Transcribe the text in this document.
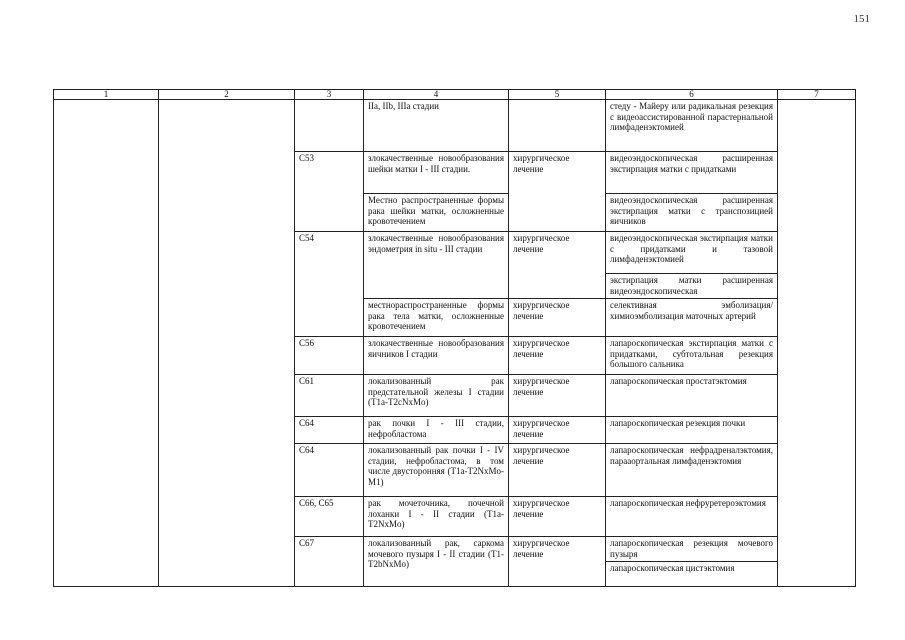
151
1	2	3	4	5	6	7
			IIa, IIb, IIIa стадии		стеду - Майеру или радикальная резекция с видеоассистированной парастернальной лимфаденэктомией	
		C53	злокачественные новообразования шейки матки I - III стадии.	хирургическое лечение	видеоэндоскопическая расширенная экстирпация матки с придатками	
			Местно распространенные формы рака шейки матки, осложненные кровотечением		видеоэндоскопическая расширенная экстирпация матки с транспозицией яичников	
		C54	злокачественные новообразования эндометрия in situ - III стадии	хирургическое лечение	видеоэндоскопическая экстирпация матки с придатками и тазовой лимфаденэктомией	
					экстирпация матки расширенная видеоэндоскопическая	
			местнораспространенные формы рака тела матки, осложненные кровотечением	хирургическое лечение	селективная эмболизация/химиоэмболизация маточных артерий	
		C56	злокачественные новообразования яичников I стадии	хирургическое лечение	лапароскопическая экстирпация матки с придатками, субтотальная резекция большого сальника	
		C61	локализованный рак предстательной железы I стадии (T1a-T2cNxMo)	хирургическое лечение	лапароскопическая простатэктомия	
		C64	рак почки I - III стадии, нефробластома	хирургическое лечение	лапароскопическая резекция почки	
		C64	локализованный рак почки I - IV стадии, нефробластома, в том числе двусторонняя (T1a-T2NxMo-M1)	хирургическое лечение	лапароскопическая нефрадреналэктомия, парааортальная лимфаденэктомия	
		C66, C65	рак мочеточника, почечной лоханки I - II стадии (T1a-T2NxMo)	хирургическое лечение	лапароскопическая нефруретероэктомия	
		C67	локализованный рак, саркома мочевого пузыря I - II стадии (T1-T2bNxMo)	хирургическое лечение	лапароскопическая резекция мочевого пузыря	
					лапароскопическая цистэктомия	
